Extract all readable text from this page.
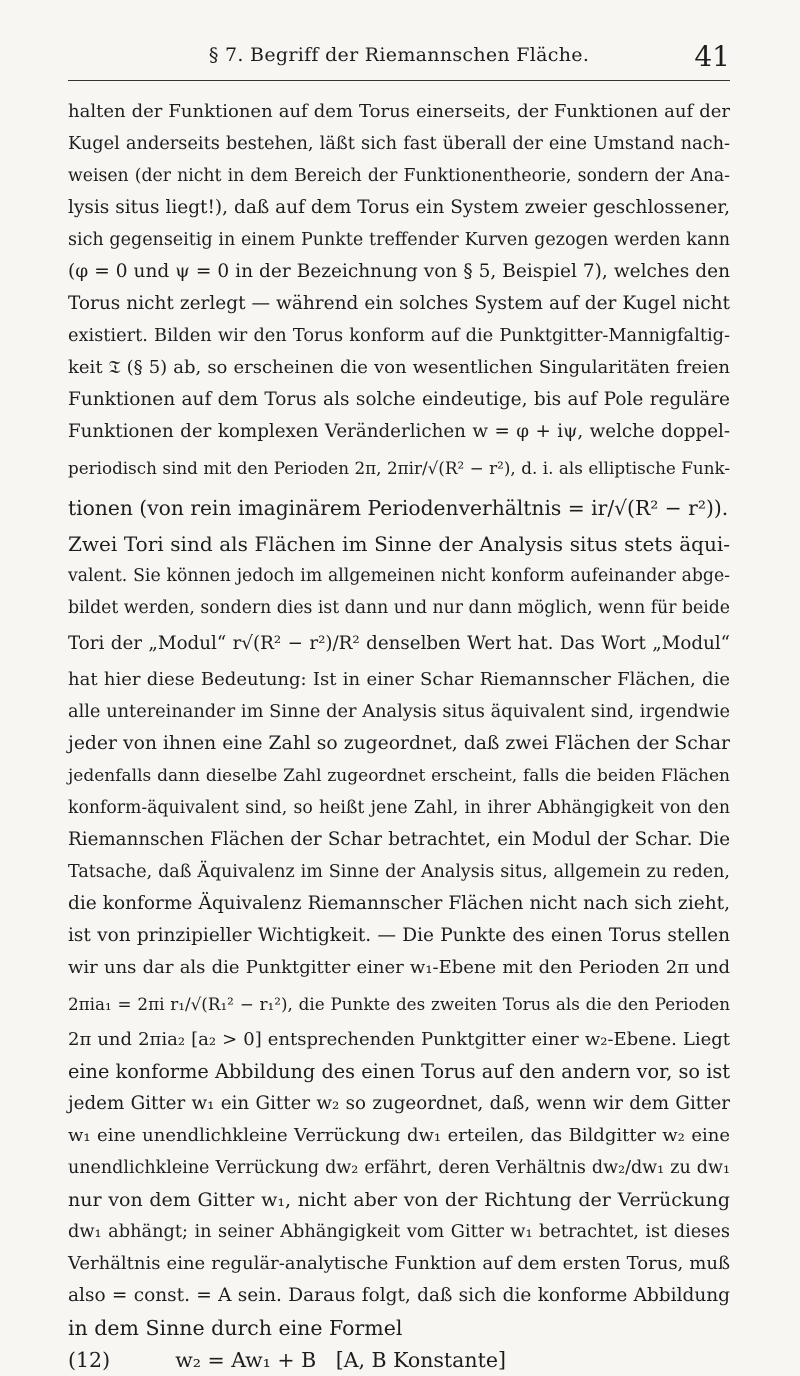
§ 7. Begriff der Riemannschen Fläche.	41
halten der Funktionen auf dem Torus einerseits, der Funktionen auf der
Kugel anderseits bestehen, läßt sich fast überall der eine Umstand nach-
weisen (der nicht in dem Bereich der Funktionentheorie, sondern der Ana-
lysis situs liegt!), daß auf dem Torus ein System zweier geschlossener,
sich gegenseitig in einem Punkte treffender Kurven gezogen werden kann
(φ = 0 und ψ = 0 in der Bezeichnung von § 5, Beispiel 7), welches den
Torus nicht zerlegt — während ein solches System auf der Kugel nicht
existiert. Bilden wir den Torus konform auf die Punktgitter-Mannigfaltig-
keit 𝔗 (§ 5) ab, so erscheinen die von wesentlichen Singularitäten freien
Funktionen auf dem Torus als solche eindeutige, bis auf Pole reguläre
Funktionen der komplexen Veränderlichen w = φ + iψ, welche doppel-
periodisch sind mit den Perioden 2π, 2πir/√(R² − r²), d. i. als elliptische Funk-
tionen (von rein imaginärem Periodenverhältnis = ir/√(R² − r²)).
Zwei Tori sind als Flächen im Sinne der Analysis situs stets äqui-
valent. Sie können jedoch im allgemeinen nicht konform aufeinander abge-
bildet werden, sondern dies ist dann und nur dann möglich, wenn für beide
Tori der „Modul“ r√(R² − r²)/R² denselben Wert hat. Das Wort „Modul“
hat hier diese Bedeutung: Ist in einer Schar Riemannscher Flächen, die
alle untereinander im Sinne der Analysis situs äquivalent sind, irgendwie
jeder von ihnen eine Zahl so zugeordnet, daß zwei Flächen der Schar
jedenfalls dann dieselbe Zahl zugeordnet erscheint, falls die beiden Flächen
konform-äquivalent sind, so heißt jene Zahl, in ihrer Abhängigkeit von den
Riemannschen Flächen der Schar betrachtet, ein Modul der Schar. Die
Tatsache, daß Äquivalenz im Sinne der Analysis situs, allgemein zu reden,
die konforme Äquivalenz Riemannscher Flächen nicht nach sich zieht,
ist von prinzipieller Wichtigkeit. — Die Punkte des einen Torus stellen
wir uns dar als die Punktgitter einer w₁-Ebene mit den Perioden 2π und
2πia₁ = 2πi r₁/√(R₁² − r₁²), die Punkte des zweiten Torus als die den Perioden
2π und 2πia₂ [a₂ > 0] entsprechenden Punktgitter einer w₂-Ebene. Liegt
eine konforme Abbildung des einen Torus auf den andern vor, so ist
jedem Gitter w₁ ein Gitter w₂ so zugeordnet, daß, wenn wir dem Gitter
w₁ eine unendlichkleine Verrückung dw₁ erteilen, das Bildgitter w₂ eine
unendlichkleine Verrückung dw₂ erfährt, deren Verhältnis dw₂/dw₁ zu dw₁
nur von dem Gitter w₁, nicht aber von der Richtung der Verrückung
dw₁ abhängt; in seiner Abhängigkeit vom Gitter w₁ betrachtet, ist dieses
Verhältnis eine regulär-analytische Funktion auf dem ersten Torus, muß
also = const. = A sein. Daraus folgt, daß sich die konforme Abbildung
in dem Sinne durch eine Formel
(12)          w₂ = Aw₁ + B   [A, B Konstante]
